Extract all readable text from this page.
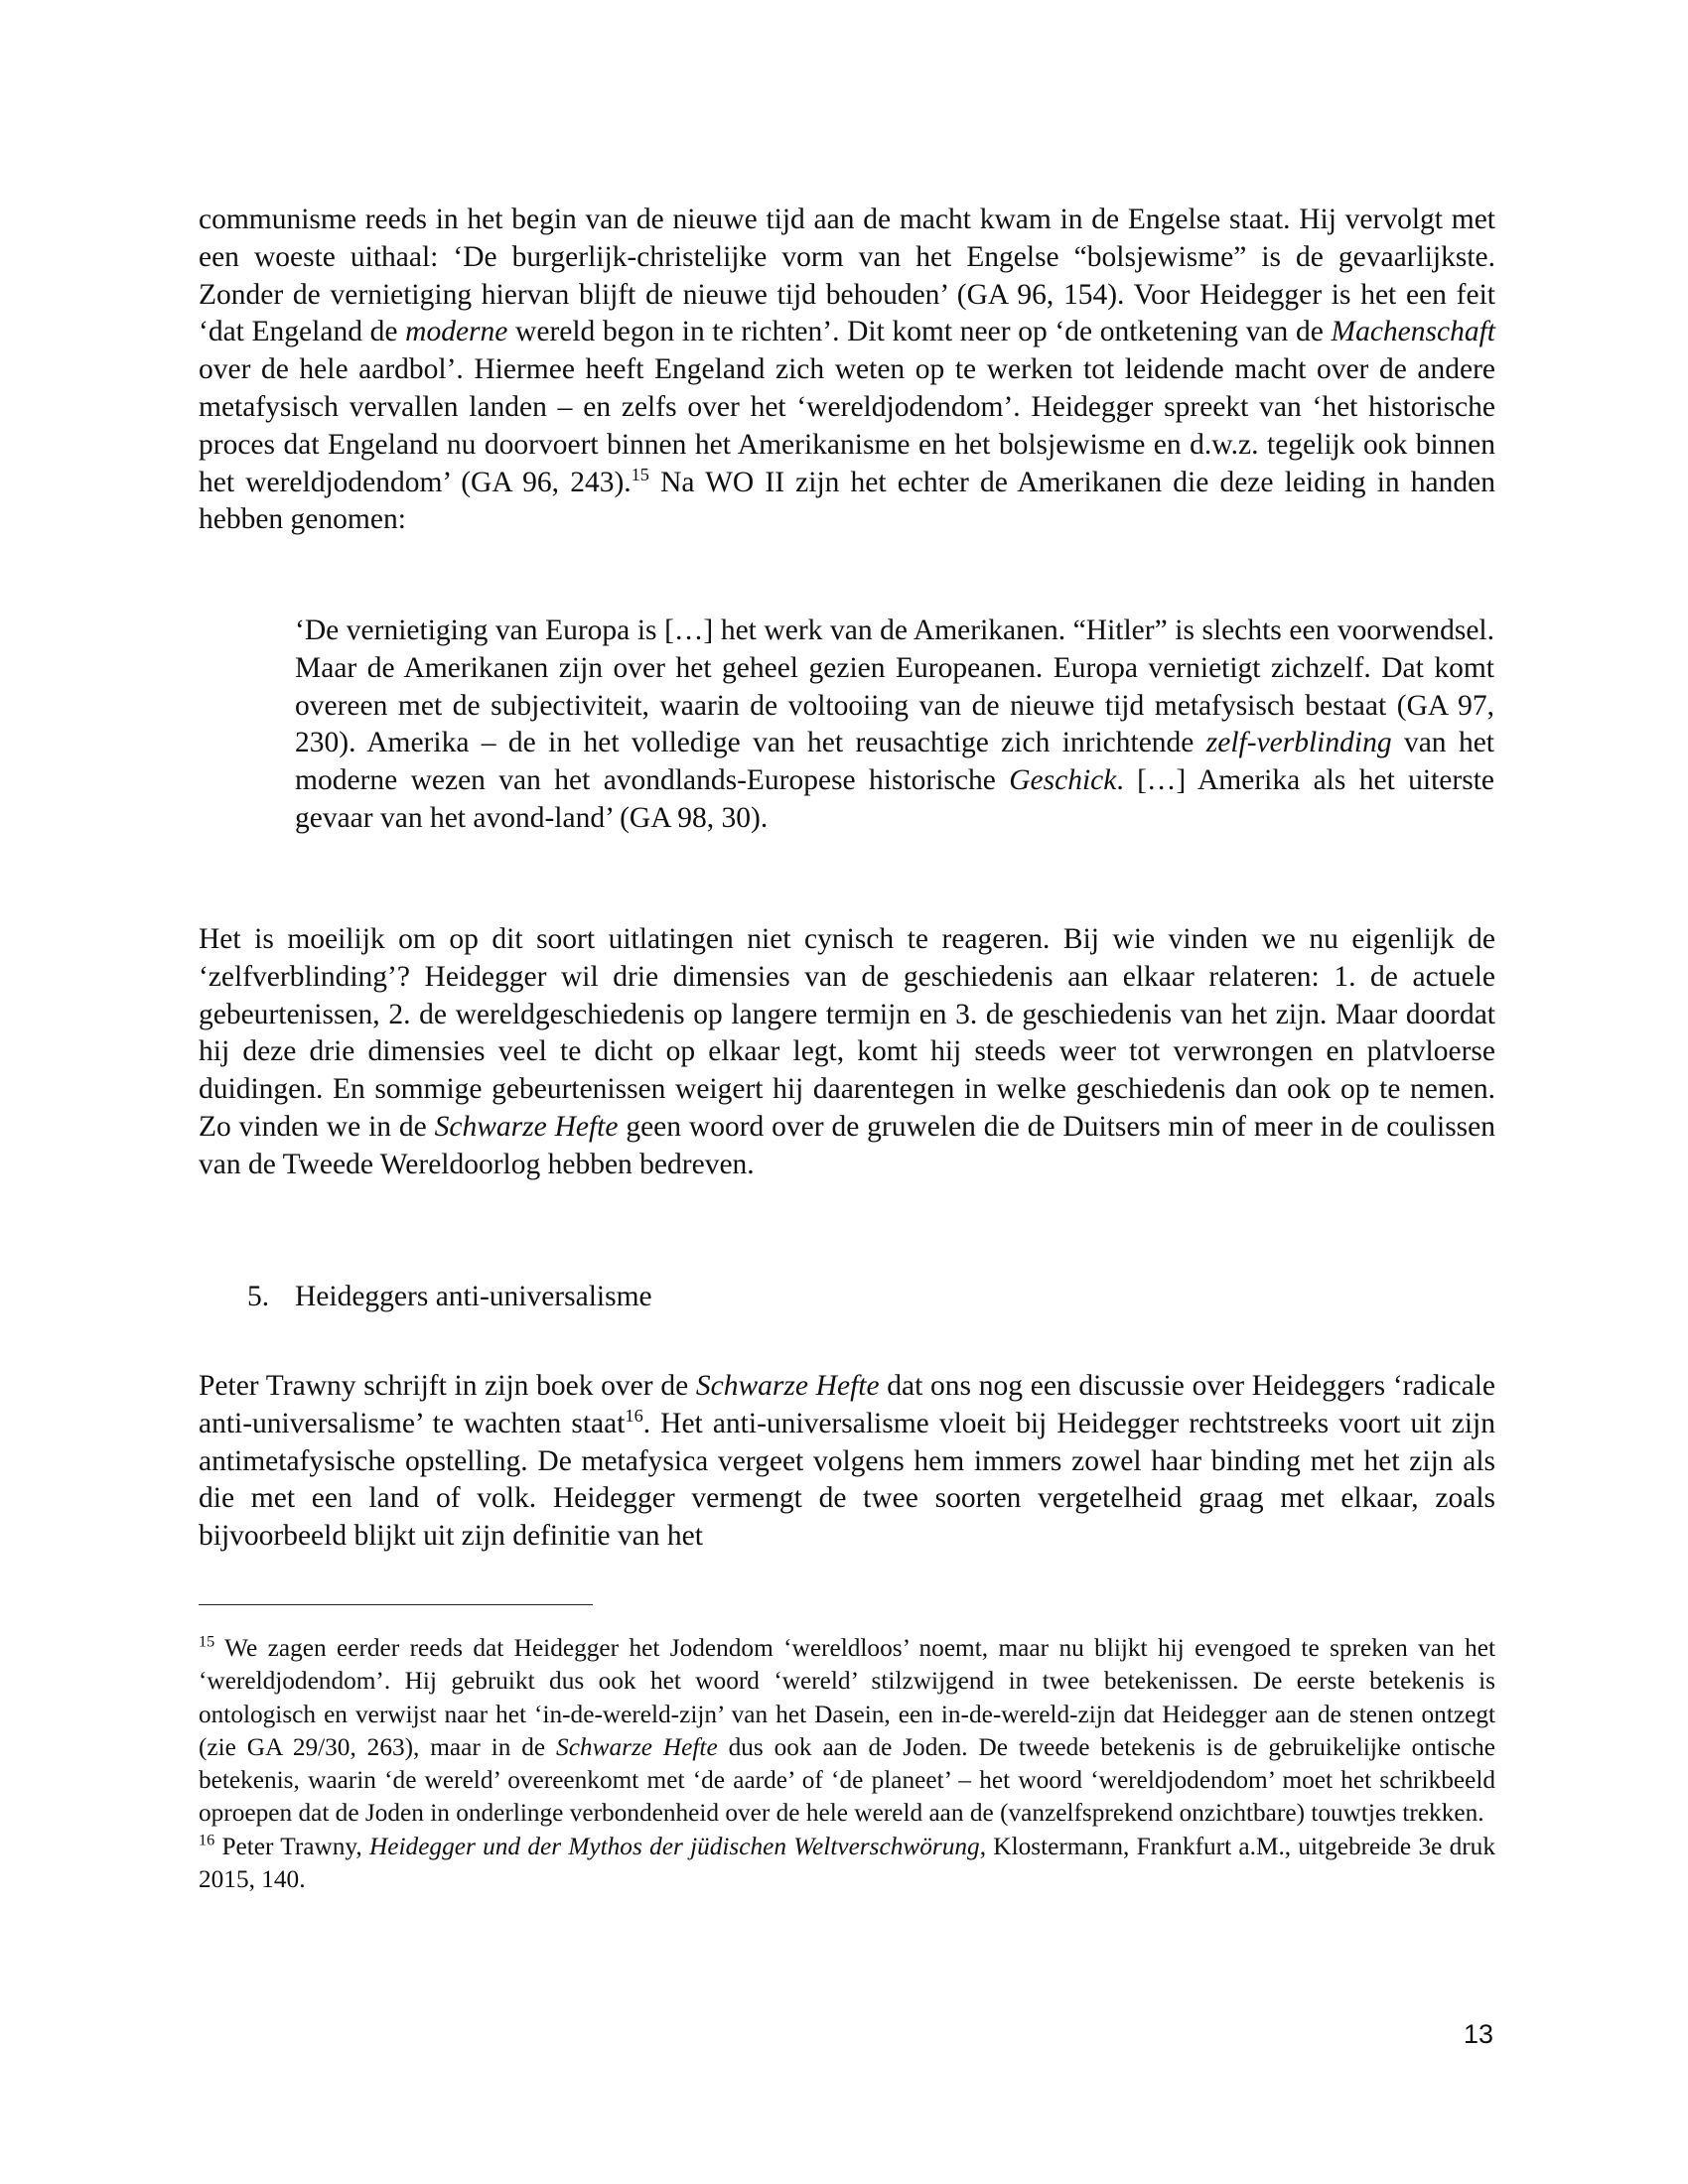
communisme reeds in het begin van de nieuwe tijd aan de macht kwam in de Engelse staat. Hij vervolgt met een woeste uithaal: ‘De burgerlijk-christelijke vorm van het Engelse “bolsjewisme” is de gevaarlijkste. Zonder de vernietiging hiervan blijft de nieuwe tijd behouden’ (GA 96, 154). Voor Heidegger is het een feit ‘dat Engeland de moderne wereld begon in te richten’. Dit komt neer op ‘de ontketening van de Machenschaft over de hele aardbol’. Hiermee heeft Engeland zich weten op te werken tot leidende macht over de andere metafysisch vervallen landen – en zelfs over het ‘wereldjodendom’. Heidegger spreekt van ‘het historische proces dat Engeland nu doorvoert binnen het Amerikanisme en het bolsjewisme en d.w.z. tegelijk ook binnen het wereldjodendom’ (GA 96, 243).$^{15}$ Na WO II zijn het echter de Amerikanen die deze leiding in handen hebben genomen:

‘De vernietiging van Europa is […] het werk van de Amerikanen. “Hitler” is slechts een voorwendsel. Maar de Amerikanen zijn over het geheel gezien Europeanen. Europa vernietigt zichzelf. Dat komt overeen met de subjectiviteit, waarin de voltooiing van de nieuwe tijd metafysisch bestaat (GA 97, 230). Amerika – de in het volledige van het reusachtige zich inrichtende zelf-verblinding van het moderne wezen van het avondlands-Europese historische Geschick. […] Amerika als het uiterste gevaar van het avond-land’ (GA 98, 30).

Het is moeilijk om op dit soort uitlatingen niet cynisch te reageren. Bij wie vinden we nu eigenlijk de ‘zelfverblinding’? Heidegger wil drie dimensies van de geschiedenis aan elkaar relateren: 1. de actuele gebeurtenissen, 2. de wereldgeschiedenis op langere termijn en 3. de geschiedenis van het zijn. Maar doordat hij deze drie dimensies veel te dicht op elkaar legt, komt hij steeds weer tot verwrongen en platvloerse duidingen. En sommige gebeurtenissen weigert hij daarentegen in welke geschiedenis dan ook op te nemen. Zo vinden we in de Schwarze Hefte geen woord over de gruwelen die de Duitsers min of meer in de coulissen van de Tweede Wereldoorlog hebben bedreven.

5. Heideggers anti-universalisme

Peter Trawny schrijft in zijn boek over de Schwarze Hefte dat ons nog een discussie over Heideggers ‘radicale anti-universalisme’ te wachten staat$^{16}$. Het anti-universalisme vloeit bij Heidegger rechtstreeks voort uit zijn antimetafysische opstelling. De metafysica vergeet volgens hem immers zowel haar binding met het zijn als die met een land of volk. Heidegger vermengt de twee soorten vergetelheid graag met elkaar, zoals bijvoorbeeld blijkt uit zijn definitie van het

$^{15}$ We zagen eerder reeds dat Heidegger het Jodendom ‘wereldloos’ noemt, maar nu blijkt hij evengoed te spreken van het ‘wereldjodendom’. Hij gebruikt dus ook het woord ‘wereld’ stilzwijgend in twee betekenissen. De eerste betekenis is ontologisch en verwijst naar het ‘in-de-wereld-zijn’ van het Dasein, een in-de-wereld-zijn dat Heidegger aan de stenen ontzegt (zie GA 29/30, 263), maar in de Schwarze Hefte dus ook aan de Joden. De tweede betekenis is de gebruikelijke ontische betekenis, waarin ‘de wereld’ overeenkomt met ‘de aarde’ of ‘de planeet’ – het woord ‘wereldjodendom’ moet het schrikbeeld oproepen dat de Joden in onderlinge verbondenheid over de hele wereld aan de (vanzelfsprekend onzichtbare) touwtjes trekken.

$^{16}$ Peter Trawny, Heidegger und der Mythos der jüdischen Weltverschwörung, Klostermann, Frankfurt a.M., uitgebreide 3e druk 2015, 140.

13
